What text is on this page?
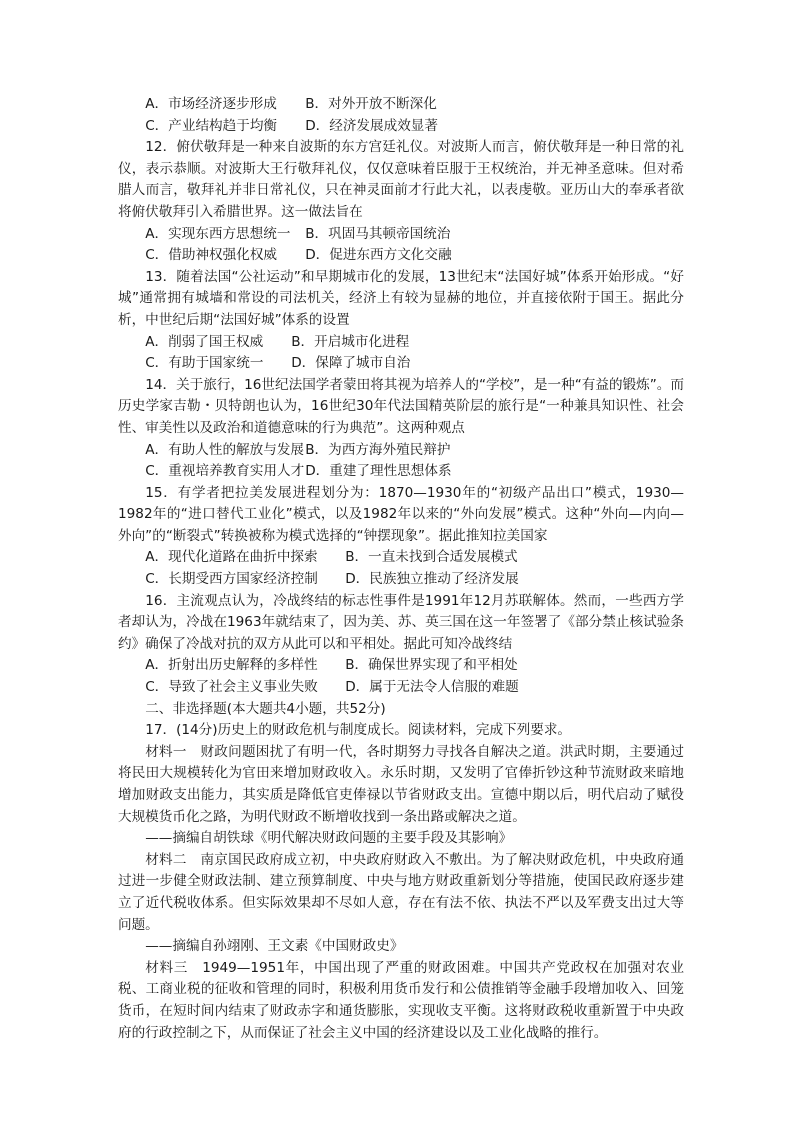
A．市场经济逐步形成 B．对外开放不断深化
C．产业结构趋于均衡 D．经济发展成效显著

12．俯伏敬拜是一种来自波斯的东方宫廷礼仪。对波斯人而言，俯伏敬拜是一种日常的礼仪，表示恭顺。对波斯大王行敬拜礼仪，仅仅意味着臣服于王权统治，并无神圣意味。但对希腊人而言，敬拜礼并非日常礼仪，只在神灵面前才行此大礼，以表虔敬。亚历山大的奉承者欲将俯伏敬拜引入希腊世界。这一做法旨在

A．实现东西方思想统一 B．巩固马其顿帝国统治
C．借助神权强化权威 D．促进东西方文化交融

13．随着法国“公社运动”和早期城市化的发展，13世纪末“法国好城”体系开始形成。“好城”通常拥有城墙和常设的司法机关，经济上有较为显赫的地位，并直接依附于国王。据此分析，中世纪后期“法国好城”体系的设置

A．削弱了国王权威 B．开启城市化进程
C．有助于国家统一 D．保障了城市自治

14．关于旅行，16世纪法国学者蒙田将其视为培养人的“学校”，是一种“有益的锻炼”。而历史学家吉勒・贝特朗也认为，16世纪30年代法国精英阶层的旅行是“一种兼具知识性、社会性、审美性以及政治和道德意味的行为典范”。这两种观点

A．有助人性的解放与发展B．为西方海外殖民辩护
C．重视培养教育实用人才D．重建了理性思想体系

15．有学者把拉美发展进程划分为：1870—1930年的“初级产品出口”模式，1930—1982年的“进口替代工业化”模式，以及1982年以来的“外向发展”模式。这种“外向—内向—外向”的“断裂式”转换被称为模式选择的“钟摆现象”。据此推知拉美国家

A．现代化道路在曲折中探索 B．一直未找到合适发展模式
C．长期受西方国家经济控制 D．民族独立推动了经济发展

16．主流观点认为，冷战终结的标志性事件是1991年12月苏联解体。然而，一些西方学者却认为，冷战在1963年就结束了，因为美、苏、英三国在这一年签署了《部分禁止核试验条约》确保了冷战对抗的双方从此可以和平相处。据此可知冷战终结

A．折射出历史解释的多样性 B．确保世界实现了和平相处
C．导致了社会主义事业失败 D．属于无法令人信服的难题

二、非选择题(本大题共4小题，共52分)

17．(14分)历史上的财政危机与制度成长。阅读材料，完成下列要求。

材料一　财政问题困扰了有明一代，各时期努力寻找各自解决之道。洪武时期，主要通过将民田大规模转化为官田来增加财政收入。永乐时期，又发明了官俸折钞这种节流财政来暗地增加财政支出能力，其实质是降低官吏俸禄以节省财政支出。宣德中期以后，明代启动了赋役大规模货币化之路，为明代财政不断增收找到一条出路或解决之道。

——摘编自胡铁球《明代解决财政问题的主要手段及其影响》

材料二　南京国民政府成立初，中央政府财政入不敷出。为了解决财政危机，中央政府通过进一步健全财政法制、建立预算制度、中央与地方财政重新划分等措施，使国民政府逐步建立了近代税收体系。但实际效果却不尽如人意，存在有法不依、执法不严以及军费支出过大等问题。

——摘编自孙翊刚、王文素《中国财政史》

材料三　1949—1951年，中国出现了严重的财政困难。中国共产党政权在加强对农业税、工商业税的征收和管理的同时，积极利用货币发行和公债推销等金融手段增加收入、回笼货币，在短时间内结束了财政赤字和通货膨胀，实现收支平衡。这将财政税收重新置于中央政府的行政控制之下，从而保证了社会主义中国的经济建设以及工业化战略的推行。
